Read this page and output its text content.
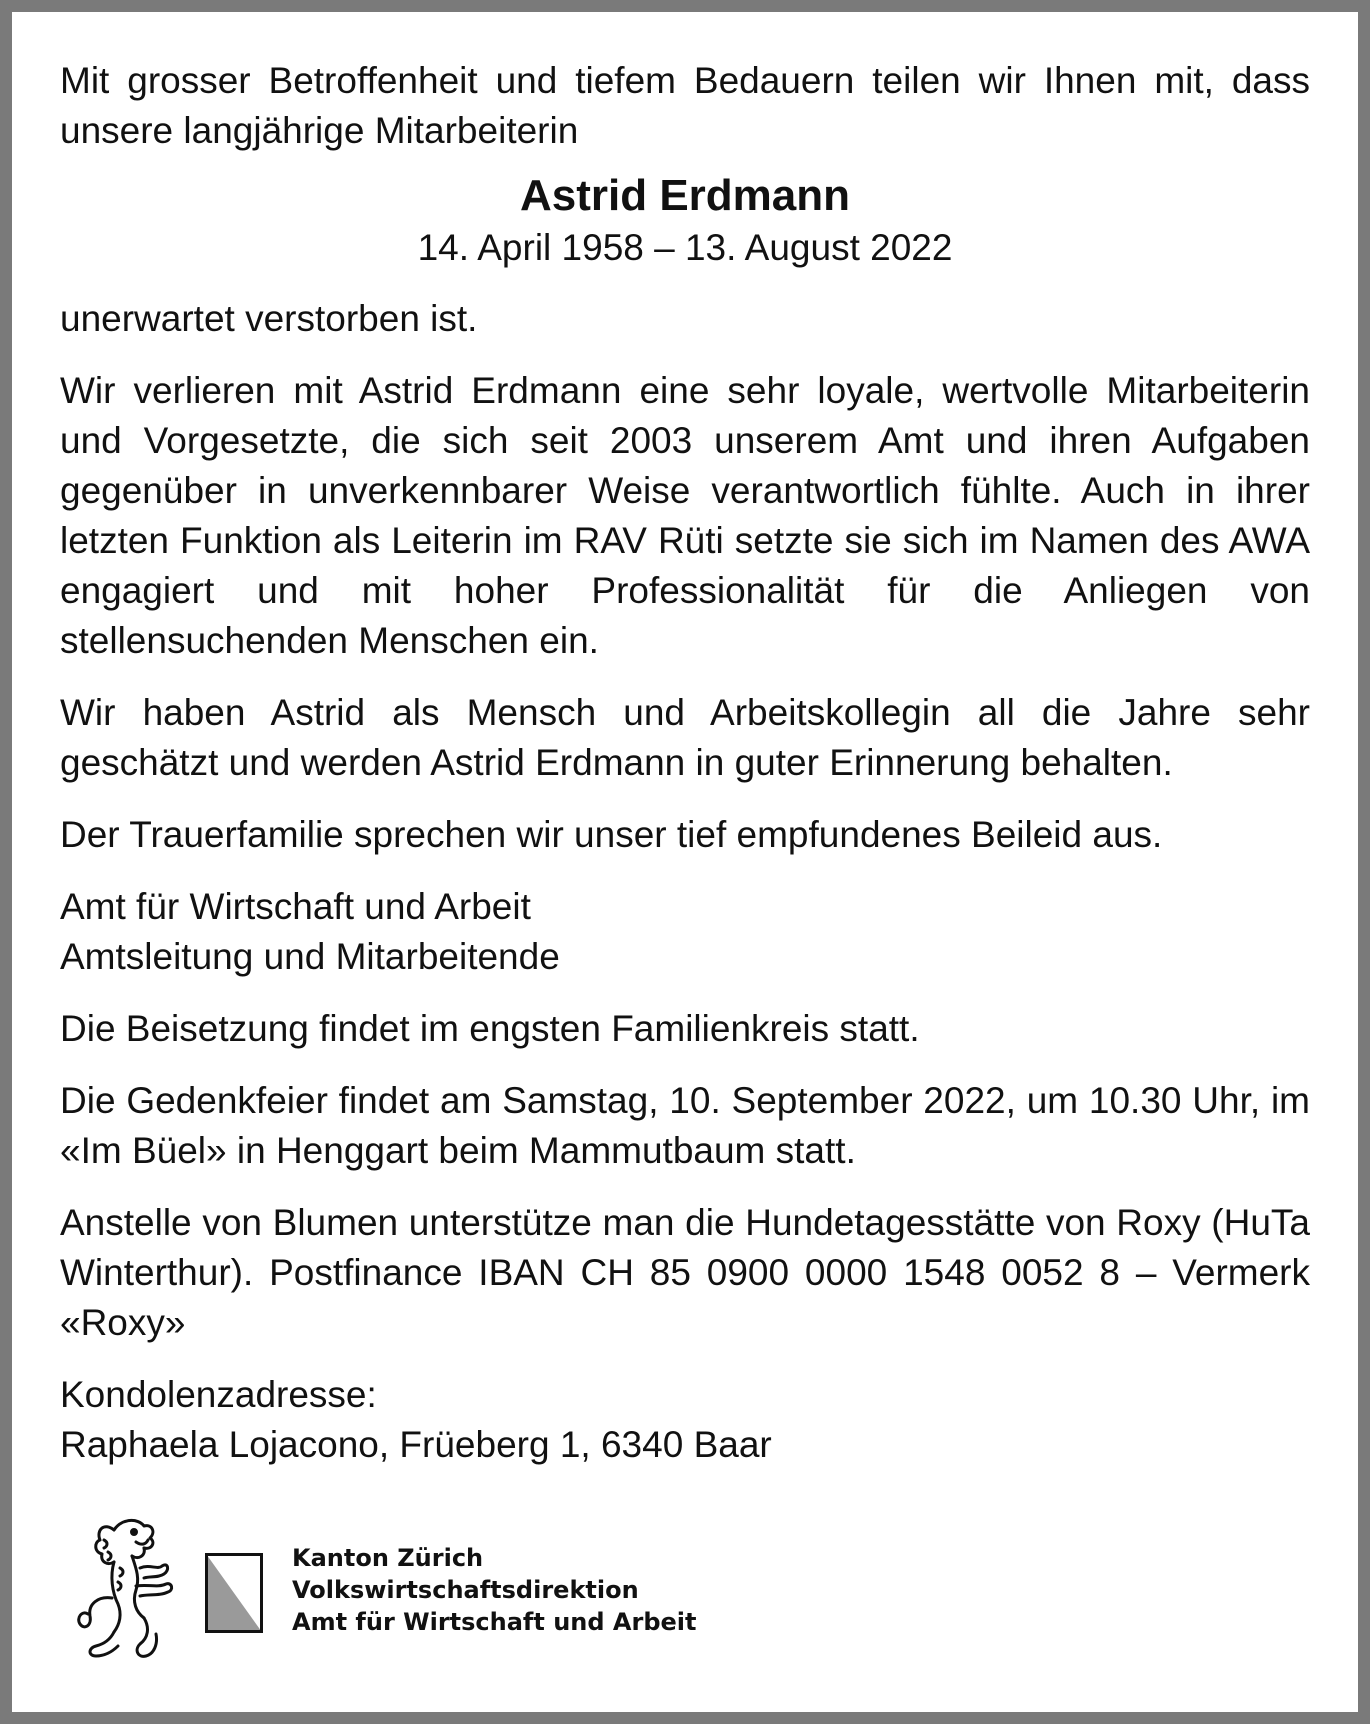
Mit grosser Betroffenheit und tiefem Bedauern teilen wir Ihnen mit, dass unsere langjährige Mitarbeiterin

Astrid Erdmann

14. April 1958 – 13. August 2022

unerwartet verstorben ist.

Wir verlieren mit Astrid Erdmann eine sehr loyale, wertvolle Mitarbeiterin und Vorgesetzte, die sich seit 2003 unserem Amt und ihren Aufgaben gegenüber in unverkennbarer Weise verantwortlich fühlte. Auch in ihrer letzten Funktion als Leiterin im RAV Rüti setzte sie sich im Namen des AWA engagiert und mit hoher Professionalität für die Anliegen von stellensuchenden Menschen ein.

Wir haben Astrid als Mensch und Arbeitskollegin all die Jahre sehr geschätzt und werden Astrid Erdmann in guter Erinnerung behalten.

Der Trauerfamilie sprechen wir unser tief empfundenes Beileid aus.

Amt für Wirtschaft und Arbeit
Amtsleitung und Mitarbeitende

Die Beisetzung findet im engsten Familienkreis statt.

Die Gedenkfeier findet am Samstag, 10. September 2022, um 10.30 Uhr, im «Im Büel» in Henggart beim Mammutbaum statt.

Anstelle von Blumen unterstütze man die Hundetagesstätte von Roxy (HuTa Winterthur). Postfinance IBAN CH 85 0900 0000 1548 0052 8 – Vermerk «Roxy»

Kondolenzadresse:
Raphaela Lojacono, Früeberg 1, 6340 Baar

Kanton Zürich
Volkswirtschaftsdirektion
Amt für Wirtschaft und Arbeit
